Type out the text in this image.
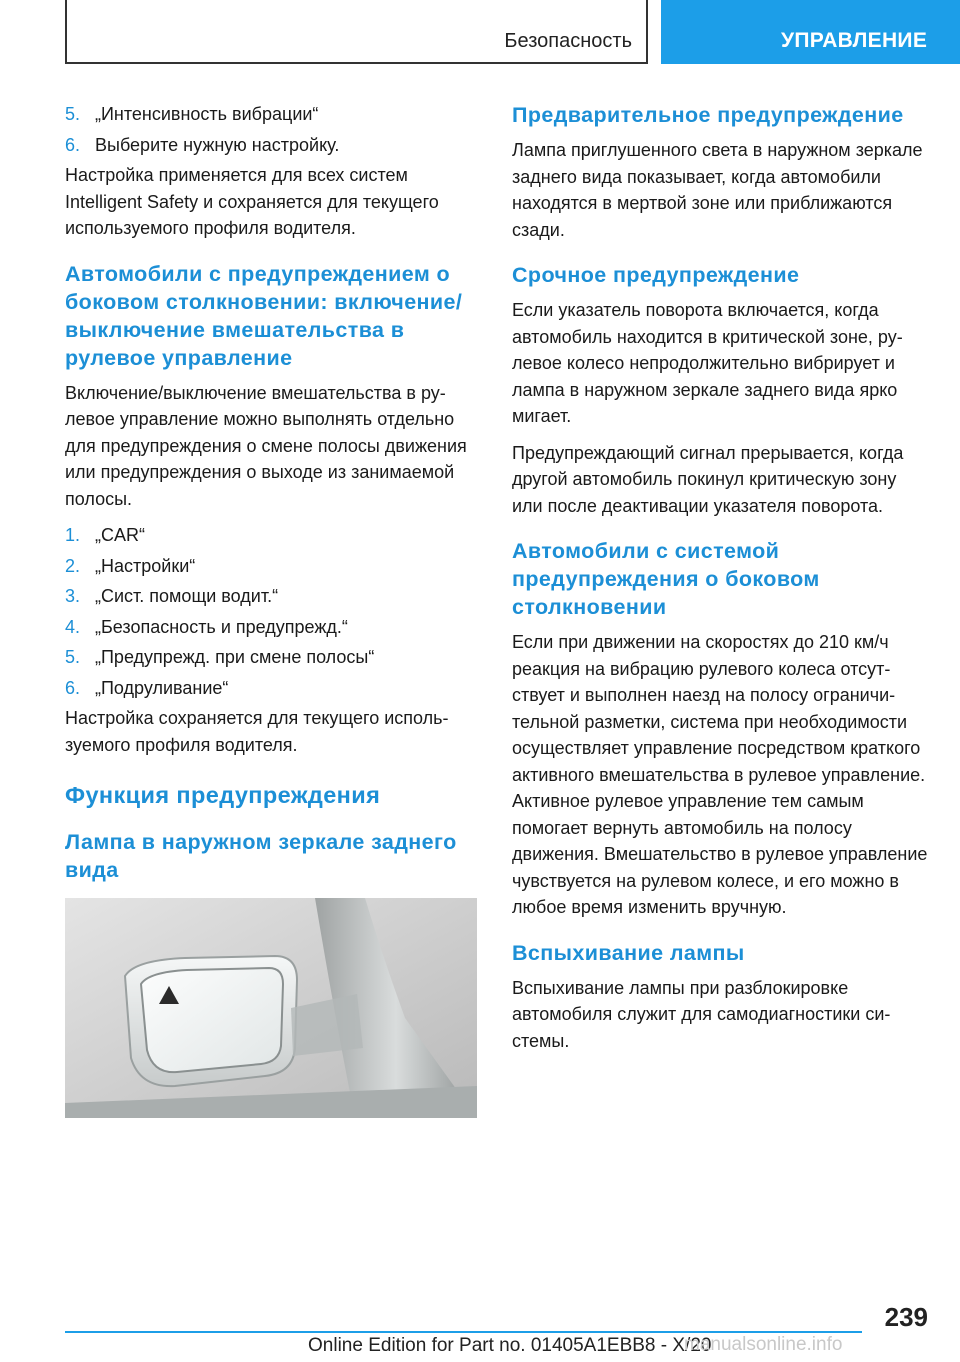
Безопасность	УПРАВЛЕНИЕ
5. „Интенсивность вибрации“
6. Выберите нужную настройку.

Настройка применяется для всех систем Intelligent Safety и сохраняется для текущего используемого профиля водителя.

Автомобили с предупреждением о боковом столкновении: включение/выключение вмешательства в рулевое управление

Включение/выключение вмешательства в рулевое управление можно выполнять отдельно для предупреждения о смене полосы движения или предупреждения о выходе из занимаемой полосы.

1. „CAR“
2. „Настройки“
3. „Сист. помощи водит.“
4. „Безопасность и предупрежд.“
5. „Предупрежд. при смене полосы“
6. „Подруливание“

Настройка сохраняется для текущего используемого профиля водителя.

Функция предупреждения
Лампа в наружном зеркале заднего вида
Предварительное предупреждение

Лампа приглушенного света в наружном зеркале заднего вида показывает, когда автомобили находятся в мертвой зоне или приближаются сзади.

Срочное предупреждение

Если указатель поворота включается, когда автомобиль находится в критической зоне, рулевое колесо непродолжительно вибрирует и лампа в наружном зеркале заднего вида ярко мигает.

Предупреждающий сигнал прерывается, когда другой автомобиль покинул критическую зону или после деактивации указателя поворота.

Автомобили с системой предупреждения о боковом столкновении

Если при движении на скоростях до 210 км/ч реакция на вибрацию рулевого колеса отсутствует и выполнен наезд на полосу ограничительной разметки, система при необходимости осуществляет управление посредством краткого активного вмешательства в рулевое управление. Активное рулевое управление тем самым помогает вернуть автомобиль на полосу движения. Вмешательство в рулевое управление чувствуется на рулевом колесе, и его можно в любое время изменить вручную.

Вспыхивание лампы

Вспыхивание лампы при разблокировке автомобиля служит для самодиагностики системы.

239
Online Edition for Part no. 01405A1EBB8 - X/20
manualsonline.info
